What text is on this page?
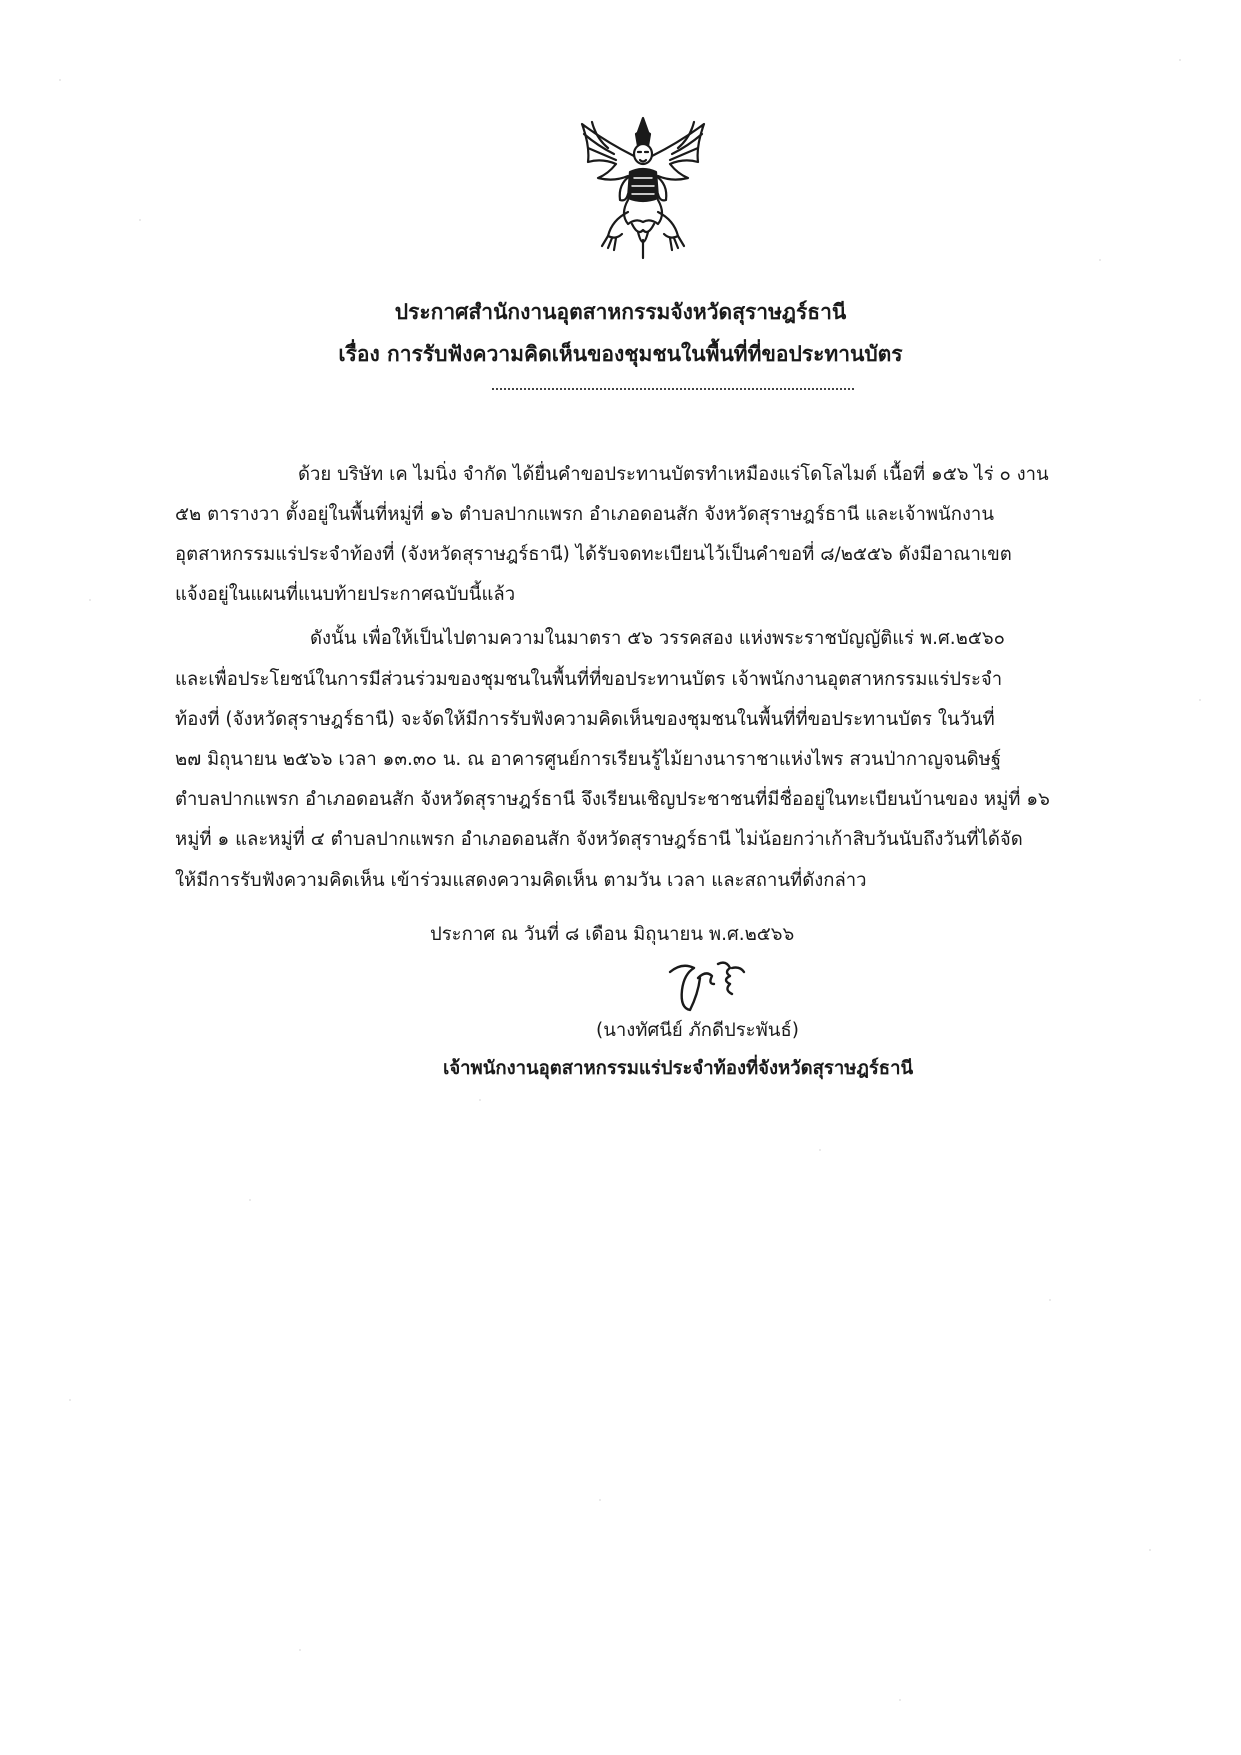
ประกาศสำนักงานอุตสาหกรรมจังหวัดสุราษฎร์ธานี
เรื่อง การรับฟังความคิดเห็นของชุมชนในพื้นที่ที่ขอประทานบัตร
ด้วย บริษัท เค ไมนิ่ง จำกัด ได้ยื่นคำขอประทานบัตรทำเหมืองแร่โดโลไมต์ เนื้อที่ ๑๕๖ ไร่ ๐ งาน
๕๒ ตารางวา ตั้งอยู่ในพื้นที่หมู่ที่ ๑๖ ตำบลปากแพรก อำเภอดอนสัก จังหวัดสุราษฎร์ธานี และเจ้าพนักงาน
อุตสาหกรรมแร่ประจำท้องที่ (จังหวัดสุราษฎร์ธานี) ได้รับจดทะเบียนไว้เป็นคำขอที่ ๘/๒๕๕๖ ดังมีอาณาเขต
แจ้งอยู่ในแผนที่แนบท้ายประกาศฉบับนี้แล้ว
ดังนั้น เพื่อให้เป็นไปตามความในมาตรา ๕๖ วรรคสอง แห่งพระราชบัญญัติแร่ พ.ศ.๒๕๖๐
และเพื่อประโยชน์ในการมีส่วนร่วมของชุมชนในพื้นที่ที่ขอประทานบัตร เจ้าพนักงานอุตสาหกรรมแร่ประจำ
ท้องที่ (จังหวัดสุราษฎร์ธานี) จะจัดให้มีการรับฟังความคิดเห็นของชุมชนในพื้นที่ที่ขอประทานบัตร ในวันที่
๒๗ มิถุนายน ๒๕๖๖ เวลา ๑๓.๓๐ น. ณ อาคารศูนย์การเรียนรู้ไม้ยางนาราชาแห่งไพร สวนป่ากาญจนดิษฐ์
ตำบลปากแพรก อำเภอดอนสัก จังหวัดสุราษฎร์ธานี จึงเรียนเชิญประชาชนที่มีชื่ออยู่ในทะเบียนบ้านของ หมู่ที่ ๑๖
หมู่ที่ ๑ และหมู่ที่ ๔ ตำบลปากแพรก อำเภอดอนสัก จังหวัดสุราษฎร์ธานี ไม่น้อยกว่าเก้าสิบวันนับถึงวันที่ได้จัด
ให้มีการรับฟังความคิดเห็น เข้าร่วมแสดงความคิดเห็น ตามวัน เวลา และสถานที่ดังกล่าว
ประกาศ ณ วันที่ ๘ เดือน มิถุนายน พ.ศ.๒๕๖๖
(นางทัศนีย์ ภักดีประพันธ์)
เจ้าพนักงานอุตสาหกรรมแร่ประจำท้องที่จังหวัดสุราษฎร์ธานี
